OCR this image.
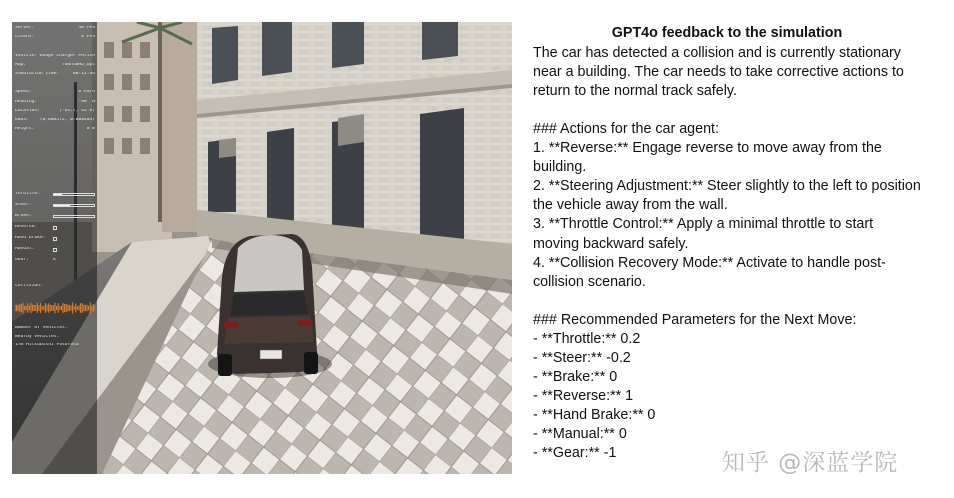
Server:	40 FPS
Client:	0 FPS
Vehicle: Dodge Charger Police
Map:	Town10HD_Opt
Simulation time:	00:12:44
Speed:	0 km/h
Heading:	-90° N
Location:	(-41.7, 42.8)
GNSS: (0.000372, 0.000403)
Height:	0 m
Throttle:
Steer:
Brake:
Reverse:
Hand brake:
Manual:
Gear:	R
Collision:
Number of vehicles:
Nearby vehicles:
17m Mitsubishi Fusorosa
GPT4o feedback to the simulation
The car has detected a collision and is currently stationary
near a building. The car needs to take corrective actions to
return to the normal track safely.
### Actions for the car agent:
1. **Reverse:** Engage reverse to move away from the
building.
2. **Steering Adjustment:** Steer slightly to the left to position
the vehicle away from the wall.
3. **Throttle Control:** Apply a minimal throttle to start
moving backward safely.
4. **Collision Recovery Mode:** Activate to handle post-
collision scenario.
### Recommended Parameters for the Next Move:
- **Throttle:** 0.2
- **Steer:** -0.2
- **Brake:** 0
- **Reverse:** 1
- **Hand Brake:** 0
- **Manual:** 0
- **Gear:** -1	知乎 @深蓝学院
